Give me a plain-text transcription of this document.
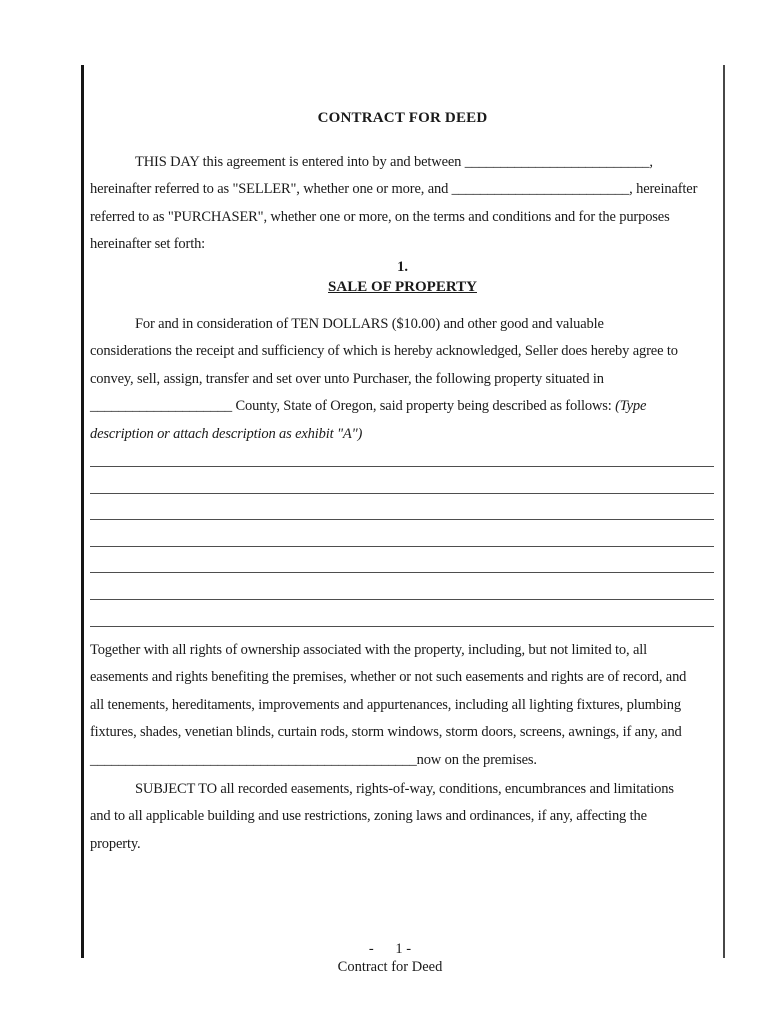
CONTRACT FOR DEED
THIS DAY this agreement is entered into by and between __________________________,
hereinafter referred to as "SELLER", whether one or more, and _________________________, hereinafter
referred to as "PURCHASER", whether one or more, on the terms and conditions and for the purposes
hereinafter set forth:
1.
SALE OF PROPERTY
For and in consideration of TEN DOLLARS ($10.00) and other good and valuable
considerations the receipt and sufficiency of which is hereby acknowledged, Seller does hereby agree to
convey, sell, assign, transfer and set over unto Purchaser, the following property situated in
____________________ County, State of Oregon, said property being described as follows: (Type
description or attach description as exhibit "A")
Together with all rights of ownership associated with the property, including, but not limited to, all
easements and rights benefiting the premises, whether or not such easements and rights are of record, and
all tenements, hereditaments, improvements and appurtenances, including all lighting fixtures, plumbing
fixtures, shades, venetian blinds, curtain rods, storm windows, storm doors, screens, awnings, if any, and
______________________________________________now on the premises.
SUBJECT TO all recorded easements, rights-of-way, conditions, encumbrances and limitations
and to all applicable building and use restrictions, zoning laws and ordinances, if any, affecting the
property.
-      1 -
Contract for Deed
